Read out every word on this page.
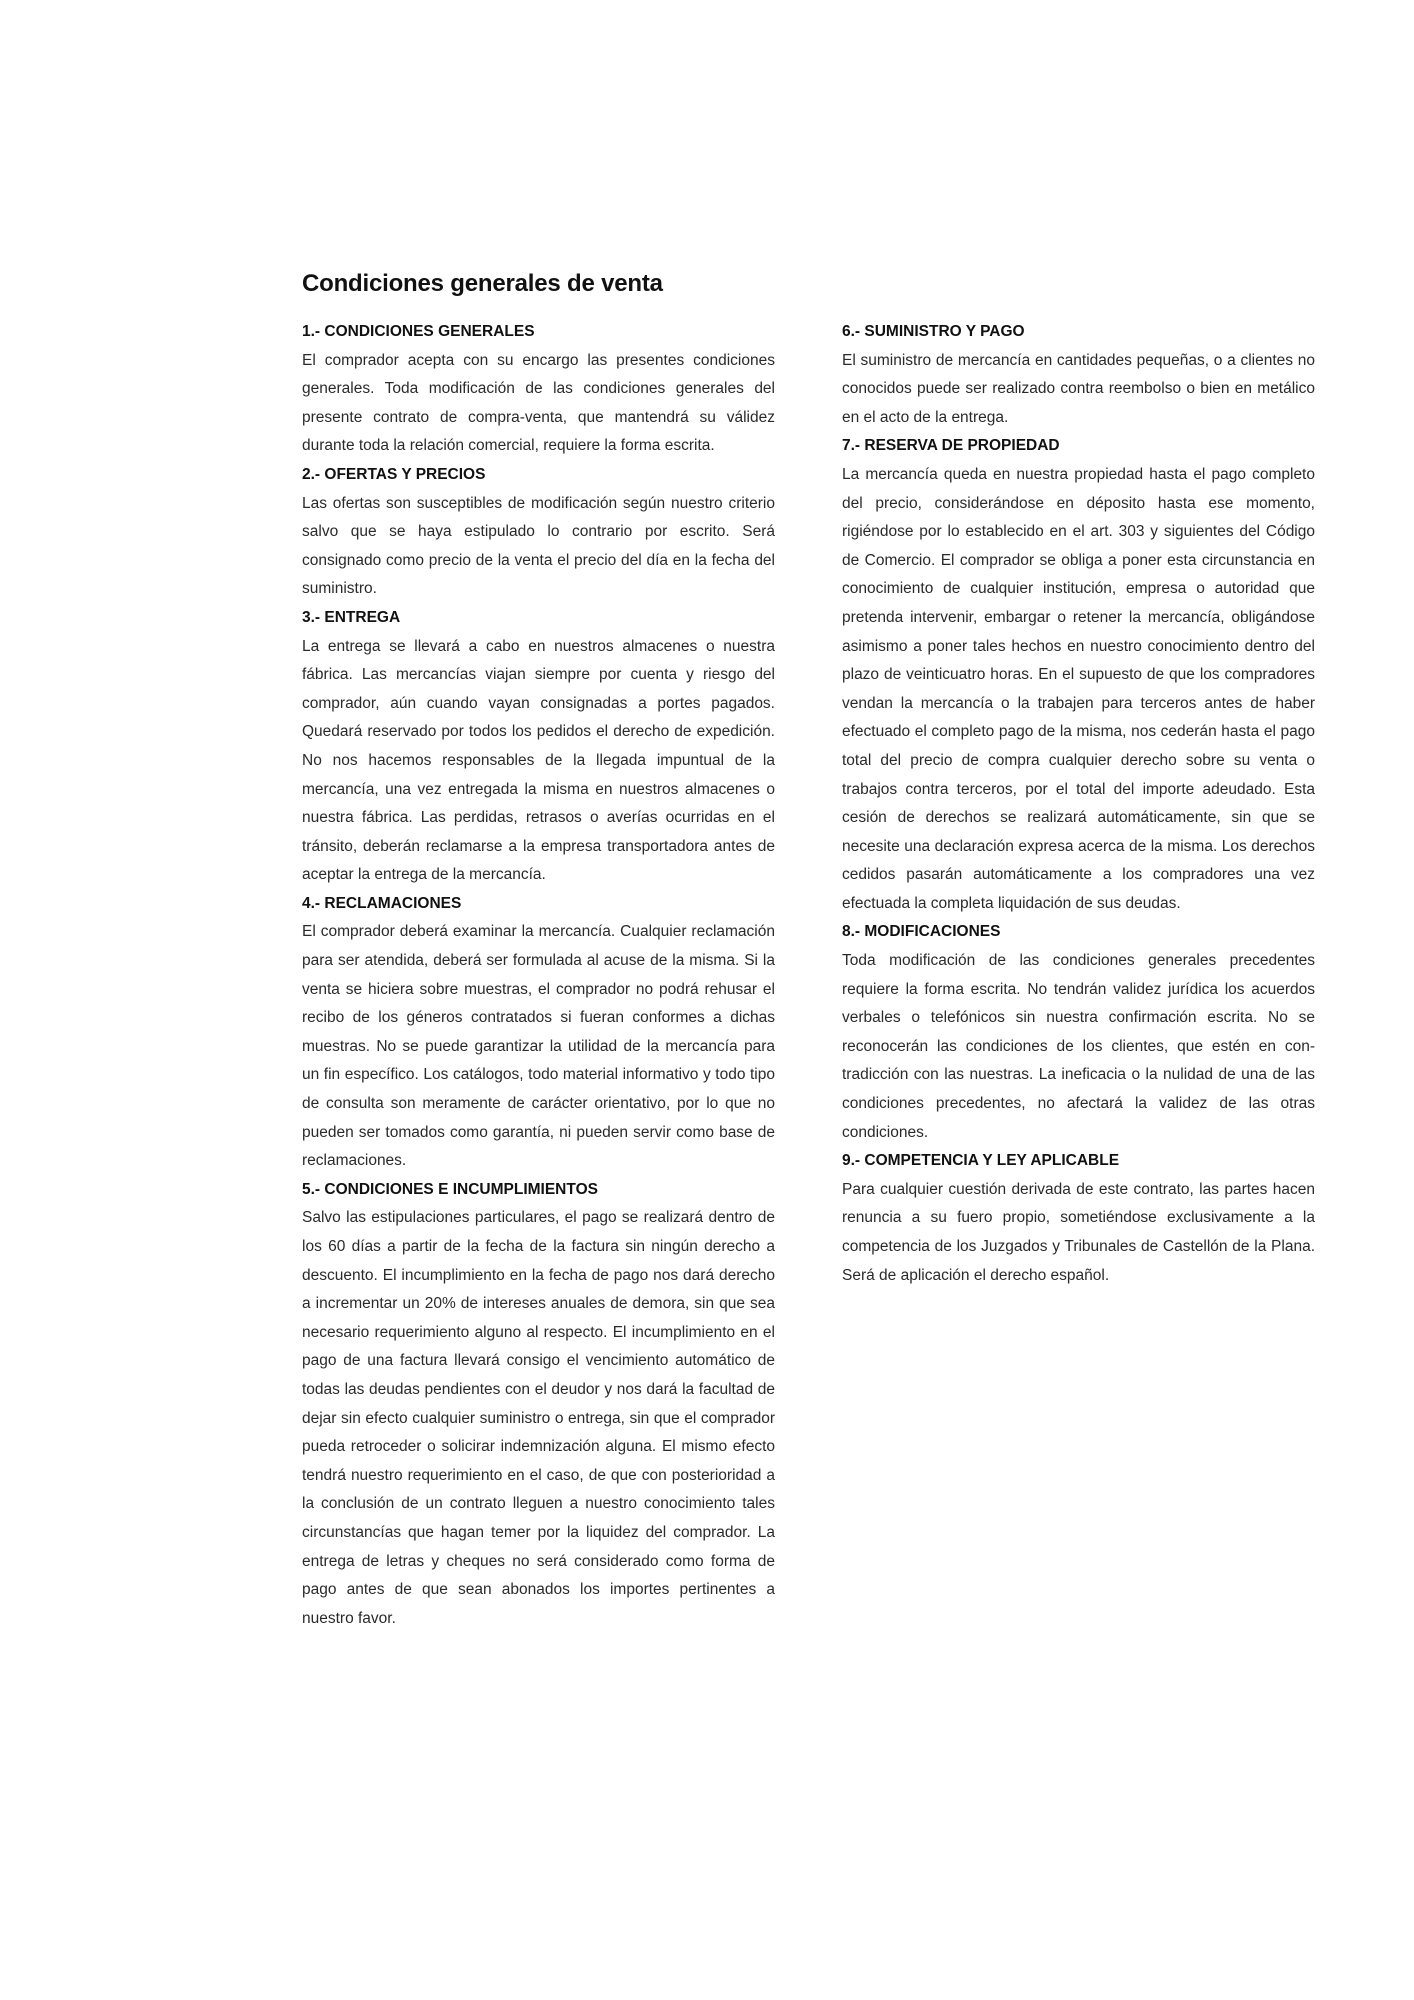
Condiciones generales de venta
1.- CONDICIONES GENERALES

El comprador acepta con su encargo las presentes condiciones generales. Toda modificación de las condiciones generales del presente contrato de compra-venta, que mantendrá su válidez durante toda la relación comercial, requiere la forma escrita.

2.- OFERTAS Y PRECIOS

Las ofertas son susceptibles de modificación según nuestro criterio salvo que se haya estipulado lo contrario por escrito. Será consignado como precio de la venta el precio del día en la fecha del suministro.

3.- ENTREGA

La entrega se llevará a cabo en nuestros almacenes o nuestra fábrica. Las mercancías viajan siempre por cuenta y riesgo del comprador, aún cuando vayan consignadas a portes pagados. Quedará reservado por todos los pedidos el derecho de expedición. No nos hacemos responsables de la llegada impuntual de la mercancía, una vez entregada la misma en nuestros almacenes o nuestra fábrica. Las perdidas, retrasos o averías ocurridas en el tránsito, deberán reclamarse a la empresa transportadora antes de aceptar la entrega de la mercancía.

4.- RECLAMACIONES

El comprador deberá examinar la mercancía. Cualquier reclamación para ser atendida, deberá ser formulada al acuse de la misma. Si la venta se hiciera sobre muestras, el comprador no podrá rehusar el recibo de los géneros contratados si fueran conformes a dichas muestras. No se puede garantizar la utilidad de la mercancía para un fin específico. Los catálogos, todo material informativo y todo tipo de consulta son meramente de carácter orientativo, por lo que no pueden ser tomados como garantía, ni pueden servir como base de reclamaciones.

5.- CONDICIONES E INCUMPLIMIENTOS

Salvo las estipulaciones particulares, el pago se realizará dentro de los 60 días a partir de la fecha de la factura sin ningún derecho a descuento. El incumplimiento en la fecha de pago nos dará derecho a incrementar un 20% de intereses anuales de demora, sin que sea necesario requerimiento alguno al respecto. El incumplimiento en el pago de una factura llevará consigo el vencimiento automático de todas las deudas pendientes con el deudor y nos dará la facultad de dejar sin efecto cualquier suministro o entrega, sin que el comprador pueda retroceder o solicirar indemnización alguna. El mismo efecto tendrá nuestro requerimiento en el caso, de que con posterioridad a la conclusión de un contrato lleguen a nuestro conocimiento tales circunstancías que hagan temer por la liquidez del comprador. La entrega de letras y cheques no será considerado como forma de pago antes de que sean abonados los importes pertinentes a nuestro favor.

6.- SUMINISTRO Y PAGO

El suministro de mercancía en cantidades pequeñas, o a clientes no conocidos puede ser realizado contra reembolso o bien en metálico en el acto de la entrega.

7.- RESERVA DE PROPIEDAD

La mercancía queda en nuestra propiedad hasta el pago completo del precio, considerándose en déposito hasta ese momento, rigiéndose por lo establecido en el art. 303 y siguientes del Código de Comercio. El comprador se obliga a poner esta circunstancia en conocimiento de cualquier institución, empresa o autoridad que pretenda intervenir, embargar o retener la mercancía, obligándose asimismo a poner tales hechos en nuestro conocimiento dentro del plazo de veinticuatro horas. En el supuesto de que los compradores vendan la mercancía o la trabajen para terceros antes de haber efectuado el completo pago de la misma, nos cederán hasta el pago total del precio de compra cualquier derecho sobre su venta o trabajos contra terceros, por el total del importe adeudado. Esta cesión de derechos se realizará automáticamente, sin que se necesite una declaración expresa acerca de la misma. Los derechos cedidos pasarán automáticamente a los compradores una vez efectuada la completa liquidación de sus deudas.

8.- MODIFICACIONES

Toda modificación de las condiciones generales precedentes requiere la forma escrita. No tendrán validez jurídica los acuerdos verbales o telefónicos sin nuestra confirmación escrita. No se reconocerán las condiciones de los clientes, que estén en contradicción con las nuestras. La ineficacia o la nulidad de una de las condiciones precedentes, no afectará la validez de las otras condiciones.

9.- COMPETENCIA Y LEY APLICABLE

Para cualquier cuestión derivada de este contrato, las partes hacen renuncia a su fuero propio, sometiéndose exclusivamente a la competencia de los Juzgados y Tribunales de Castellón de la Plana. Será de aplicación el derecho español.
